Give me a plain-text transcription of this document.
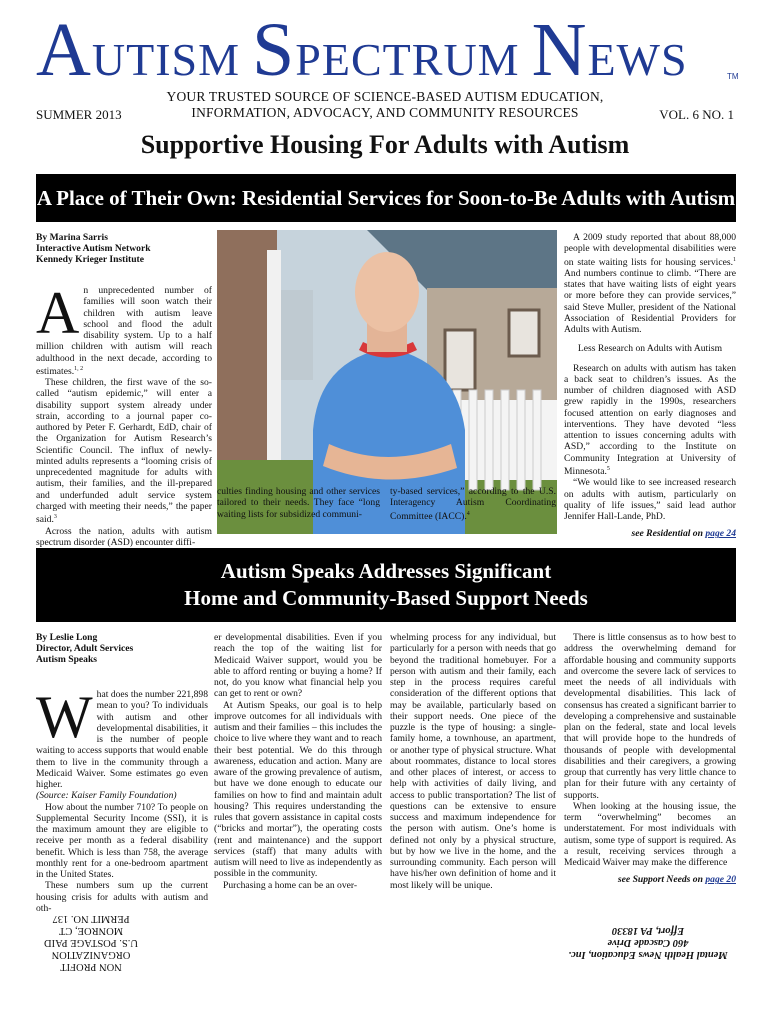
AUTISM SPECTRUM NEWS	TM
YOUR TRUSTED SOURCE OF SCIENCE-BASED AUTISM EDUCATION,
INFORMATION, ADVOCACY, AND COMMUNITY RESOURCES
SUMMER 2013	VOL. 6 NO. 1
Supportive Housing For Adults with Autism
A Place of Their Own: Residential Services for Soon-to-Be Adults with Autism
By Marina Sarris
Interactive Autism Network
Kennedy Krieger Institute

An unprecedented number of families will soon watch their children with autism leave school and flood the adult disability system. Up to a half million children with autism will reach adulthood in the next decade, according to estimates.$^{1, 2}$

These children, the first wave of the so-called “autism epidemic,” will enter a disability support system already under strain, according to a journal paper co-authored by Peter F. Gerhardt, EdD, chair of the Organization for Autism Research’s Scientific Council. The influx of newly-minted adults represents a “looming crisis of unprecedented magnitude for adults with autism, their families, and the ill-prepared and underfunded adult service system charged with meeting their needs,” the paper said.$^3$

Across the nation, adults with autism spectrum disorder (ASD) encounter diffi-

culties finding housing and other services tailored to their needs. They face “long waiting lists for subsidized communi-

ty-based services,” according to the U.S. Interagency Autism Coordinating Committee (IACC).$^4$

A 2009 study reported that about 88,000 people with developmental disabilities were on state waiting lists for housing services.$^1$ And numbers continue to climb. “There are states that have waiting lists of eight years or more before they can provide services,” said Steve Muller, president of the National Association of Residential Providers for Adults with Autism.

Less Research on Adults with Autism

Research on adults with autism has taken a back seat to children’s issues. As the number of children diagnosed with ASD grew rapidly in the 1990s, researchers focused attention on early diagnoses and interventions. They have devoted “less attention to issues concerning adults with ASD,” according to the Institute on Community Integration at University of Minnesota.$^5$

“We would like to see increased research on adults with autism, particularly on quality of life issues,” said lead author Jennifer Hall-Lande, PhD.

see Residential on page 24

Autism Speaks Addresses Significant
Home and Community-Based Support Needs
By Leslie Long
Director, Adult Services
Autism Speaks

What does the number 221,898 mean to you? To individuals with autism and other developmental disabilities, it is the number of people waiting to access supports that would enable them to live in the community through a Medicaid Waiver. Some estimates go even higher.
(Source: Kaiser Family Foundation)

How about the number 710? To people on Supplemental Security Income (SSI), it is the maximum amount they are eligible to receive per month as a federal disability benefit. Which is less than 758, the average monthly rent for a one-bedroom apartment in the United States.

These numbers sum up the current housing crisis for adults with autism and oth-

er developmental disabilities. Even if you reach the top of the waiting list for Medicaid Waiver support, would you be able to afford renting or buying a home? If not, do you know what financial help you can get to rent or own?

At Autism Speaks, our goal is to help improve outcomes for all individuals with autism and their families – this includes the choice to live where they want and to reach their best potential. We do this through awareness, education and action. Many are aware of the growing prevalence of autism, but have we done enough to educate our families on how to find and maintain adult housing? This requires understanding the rules that govern assistance in capital costs (“bricks and mortar”), the operating costs (rent and maintenance) and the support services (staff) that many adults with autism will need to live as independently as possible in the community.

Purchasing a home can be an over-

whelming process for any individual, but particularly for a person with needs that go beyond the traditional homebuyer. For a person with autism and their family, each step in the process requires careful consideration of the different options that may be available, particularly based on their support needs. One piece of the puzzle is the type of housing: a single-family home, a townhouse, an apartment, or another type of physical structure. What about roommates, distance to local stores and other places of interest, or access to help with activities of daily living, and access to public transportation? The list of questions can be extensive to ensure success and maximum independence for the person with autism. One’s home is defined not only by a physical structure, but by how we live in the home, and the surrounding community. Each person will have his/her own definition of home and it most likely will be unique.

There is little consensus as to how best to address the overwhelming demand for affordable housing and community supports and overcome the severe lack of services to meet the needs of all individuals with developmental disabilities. This lack of consensus has created a significant barrier to developing a comprehensive and sustainable plan on the federal, state and local levels that will provide hope to the hundreds of thousands of people with developmental disabilities and their caregivers, a growing group that currently has very little chance to plan for their future with any certainty of supports.

When looking at the housing issue, the term “overwhelming” becomes an understatement. For most individuals with autism, some type of support is required. As a result, receiving services through a Medicaid Waiver may make the difference

see Support Needs on page 20

NON PROFIT
ORGANIZATION
U.S. POSTAGE PAID
MONROE, CT
PERMIT NO. 137
Mental Health News Education, Inc.
460 Cascade Drive
Effort, PA 18330
